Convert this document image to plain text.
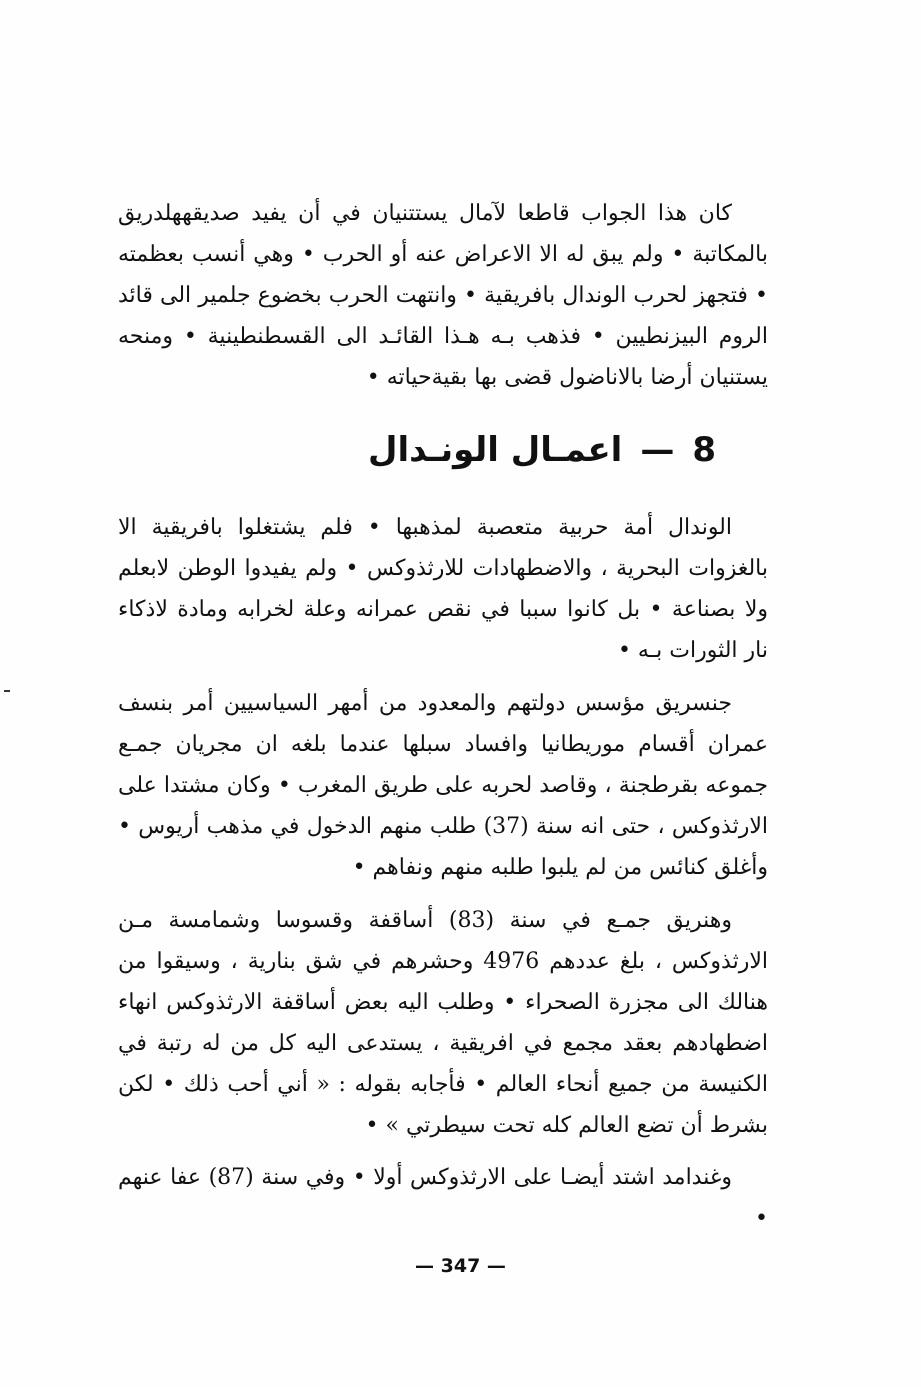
كان هذا الجواب قاطعا لآمال يستتنيان في أن يفيد صديقهھلدريق بالمكاتبة • ولم يبق له الا الاعراض عنه أو الحرب • وهي أنسب بعظمته • فتجهز لحرب الوندال بافريقية • وانتهت الحرب بخضوع جلمير الى قائد الروم البيزنطيين • فذهب بـه هـذا القائـد الى القسطنطينية • ومنحه يستنيان أرضا بالاناضول قضى بها بقيةحياته •

8—اعمـال الونـدال

الوندال أمة حربية متعصبة لمذهبها • فلم يشتغلوا بافريقية الا بالغزوات البحرية ، والاضطهادات للارثذوكس • ولم يفيدوا الوطن لابعلم ولا بصناعة • بل كانوا سببا في نقص عمرانه وعلة لخرابه ومادة لاذكاء نار الثورات بـه •

جنسريق مؤسس دولتهم والمعدود من أمهر السياسيين أمر بنسف عمران أقسام موريطانيا وافساد سبلها عندما بلغه ان مجريان جمـع جموعه بقرطجنة ، وقاصد لحربه على طريق المغرب • وكان مشتدا على الارثذوكس ، حتى انه سنة (37) طلب منهم الدخول في مذهب أريوس • وأغلق كنائس من لم يلبوا طلبه منهم ونفاهم •

وهنريق جمـع في سنة (83) أساقفة وقسوسا وشمامسة مـن الارثذوكس ، بلغ عددهم 4976 وحشرهم في شق بنارية ، وسيقوا من هنالك الى مجزرة الصحراء • وطلب اليه بعض أساقفة الارثذوكس انهاء اضطهادهم بعقد مجمع في افريقية ، يستدعى اليه كل من له رتبة في الكنيسة من جميع أنحاء العالم • فأجابه بقوله : « أني أحب ذلك • لكن بشرط أن تضع العالم كله تحت سيطرتي » •

وغندامد اشتد أيضـا على الارثذوكس أولا • وفي سنة (87) عفا عنهم •

— 347 —
